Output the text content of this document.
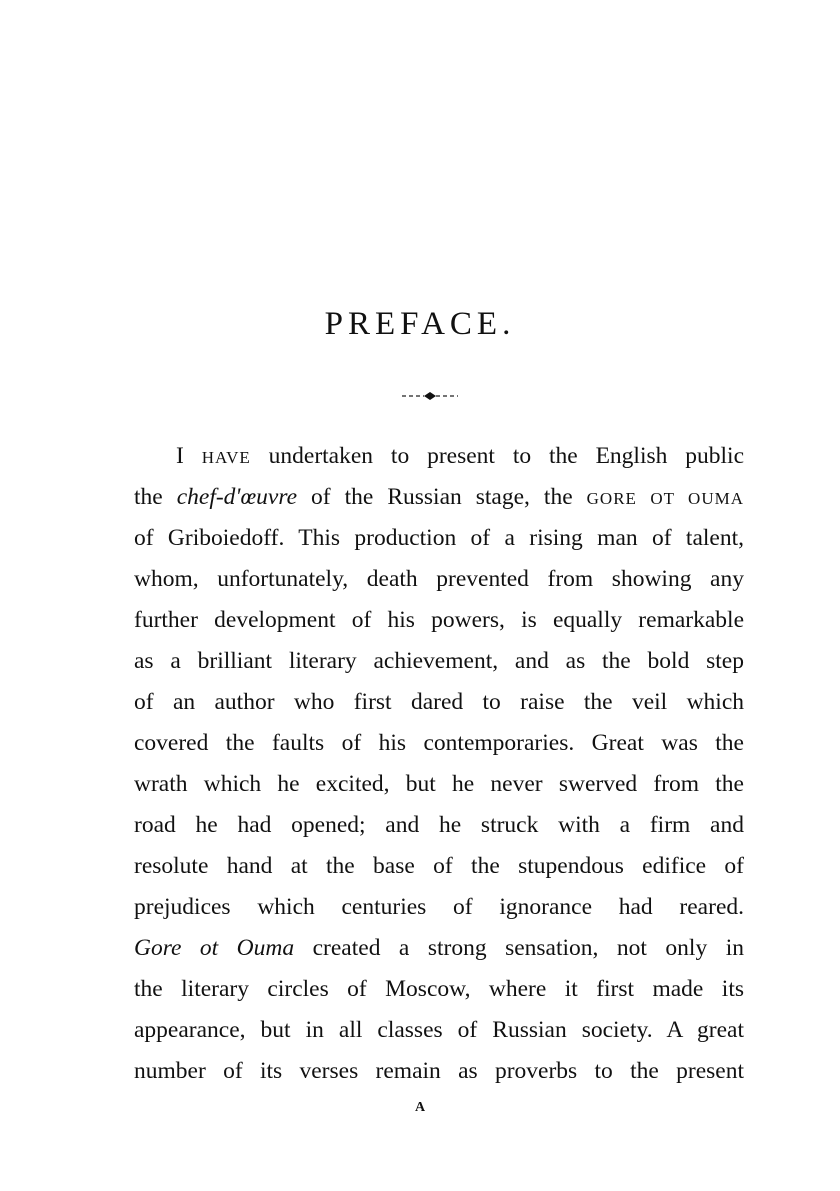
PREFACE.
I HAVE undertaken to present to the English public
the chef-d'œuvre of the Russian stage, the GORE OT OUMA
of Griboiedoff. This production of a rising man of talent,
whom, unfortunately, death prevented from showing any
further development of his powers, is equally remarkable
as a brilliant literary achievement, and as the bold step
of an author who first dared to raise the veil which
covered the faults of his contemporaries. Great was the
wrath which he excited, but he never swerved from the
road he had opened; and he struck with a firm and
resolute hand at the base of the stupendous edifice of
prejudices which centuries of ignorance had reared.
Gore ot Ouma created a strong sensation, not only in
the literary circles of Moscow, where it first made its
appearance, but in all classes of Russian society. A great
number of its verses remain as proverbs to the present
A
